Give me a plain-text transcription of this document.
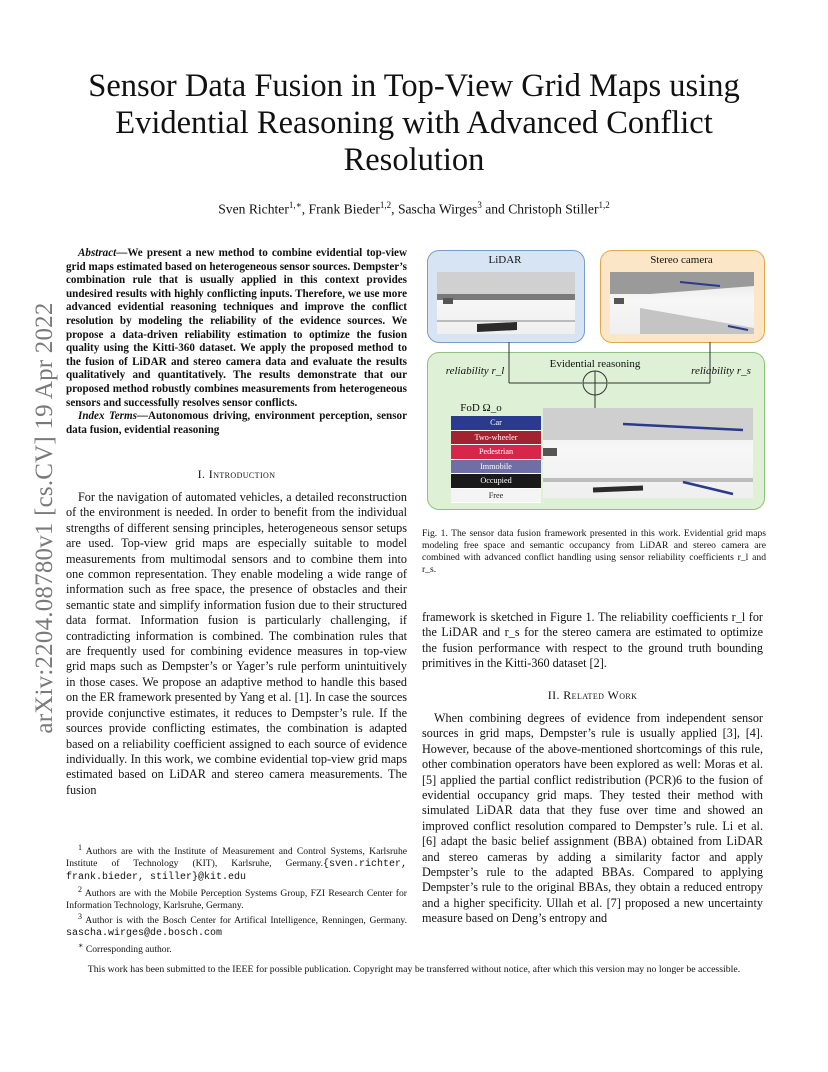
Sensor Data Fusion in Top-View Grid Maps using Evidential Reasoning with Advanced Conflict Resolution
Sven Richter$^{1,∗}$, Frank Bieder$^{1,2}$, Sascha Wirges$^3$ and Christoph Stiller$^{1,2}$
arXiv:2204.08780v1 [cs.CV] 19 Apr 2022

Abstract—We present a new method to combine evidential top-view grid maps estimated based on heterogeneous sensor sources. Dempster’s combination rule that is usually applied in this context provides undesired results with highly conflicting inputs. Therefore, we use more advanced evidential reasoning techniques and improve the conflict resolution by modeling the reliability of the evidence sources. We propose a data-driven reliability estimation to optimize the fusion quality using the Kitti-360 dataset. We apply the proposed method to the fusion of LiDAR and stereo camera data and evaluate the results qualitatively and quantitatively. The results demonstrate that our proposed method robustly combines measurements from heterogeneous sensors and successfully resolves sensor conflicts.

Index Terms—Autonomous driving, environment perception, sensor data fusion, evidential reasoning

I. Introduction

For the navigation of automated vehicles, a detailed reconstruction of the environment is needed. In order to benefit from the individual strengths of different sensing principles, heterogeneous sensor setups are used. Top-view grid maps are especially suitable to model measurements from multimodal sensors and to combine them into one common representation. They enable modeling a wide range of information such as free space, the presence of obstacles and their semantic state and simplify information fusion due to their structured data format. Information fusion is particularly challenging, if contradicting information is combined. The combination rules that are frequently used for combining evidence measures in top-view grid maps such as Dempster’s or Yager’s rule perform unintuitively in those cases. We propose an adaptive method to handle this based on the ER framework presented by Yang et al. [1]. In case the sources provide conjunctive estimates, it reduces to Dempster’s rule. If the sources provide conflicting estimates, the combination is adapted based on a reliability coefficient assigned to each source of evidence individually. In this work, we combine evidential top-view grid maps estimated based on LiDAR and stereo camera measurements. The fusion

$^1$ Authors are with the Institute of Measurement and Control Systems, Karlsruhe Institute of Technology (KIT), Karlsruhe, Germany.{sven.richter, frank.bieder, stiller}@kit.edu

$^2$ Authors are with the Mobile Perception Systems Group, FZI Research Center for Information Technology, Karlsruhe, Germany.

$^3$ Author is with the Bosch Center for Artifical Intelligence, Renningen, Germany. sascha.wirges@de.bosch.com

∗ Corresponding author.

LiDAR	Stereo camera
Evidential reasoning
reliability r_l	reliability r_s
FoD Ω_o
Car
Two-wheeler
Pedestrian
Immobile
Occupied
Free
Fig. 1. The sensor data fusion framework presented in this work. Evidential grid maps modeling free space and semantic occupancy from LiDAR and stereo camera are combined with advanced conflict handling using sensor reliability coefficients r_l and r_s.

framework is sketched in Figure 1. The reliability coefficients r_l for the LiDAR and r_s for the stereo camera are estimated to optimize the fusion performance with respect to the ground truth bounding primitives in the Kitti-360 dataset [2].

II. Related Work

When combining degrees of evidence from independent sensor sources in grid maps, Dempster’s rule is usually applied [3], [4]. However, because of the above-mentioned shortcomings of this rule, other combination operators have been explored as well: Moras et al. [5] applied the partial conflict redistribution (PCR)6 to the fusion of evidential occupancy grid maps. They tested their method with simulated LiDAR data that they fuse over time and showed an improved conflict resolution compared to Dempster’s rule. Li et al. [6] adapt the basic belief assignment (BBA) obtained from LiDAR and stereo cameras by adding a similarity factor and apply Dempster’s rule to the adapted BBAs. Compared to applying Dempster’s rule to the original BBAs, they obtain a reduced entropy and a higher specificity. Ullah et al. [7] proposed a new uncertainty measure based on Deng’s entropy and

This work has been submitted to the IEEE for possible publication. Copyright may be transferred without notice, after which this version may no longer be accessible.
